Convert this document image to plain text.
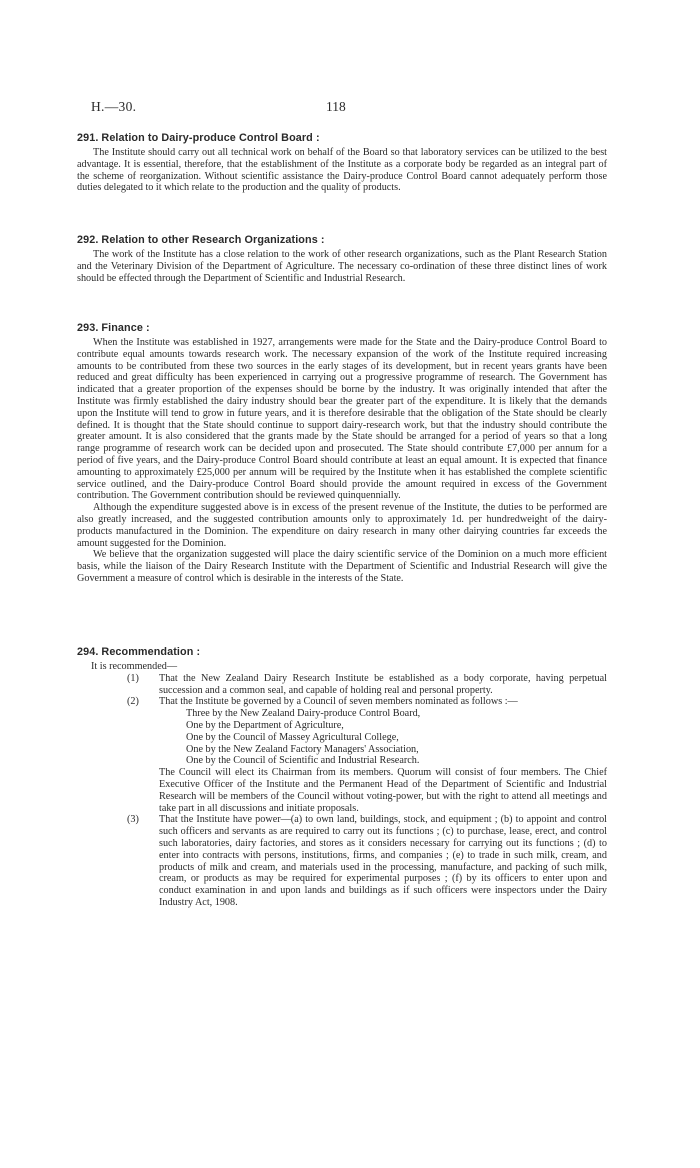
H.—30.	118
291. Relation to Dairy-produce Control Board :

The Institute should carry out all technical work on behalf of the Board so that laboratory services can be utilized to the best advantage. It is essential, therefore, that the establishment of the Institute as a corporate body be regarded as an integral part of the scheme of reorganization. Without scientific assistance the Dairy-produce Control Board cannot adequately perform those duties delegated to it which relate to the production and the quality of products.

292. Relation to other Research Organizations :

The work of the Institute has a close relation to the work of other research organizations, such as the Plant Research Station and the Veterinary Division of the Department of Agriculture. The necessary co-ordination of these three distinct lines of work should be effected through the Department of Scientific and Industrial Research.

293. Finance :

When the Institute was established in 1927, arrangements were made for the State and the Dairy-produce Control Board to contribute equal amounts towards research work. The necessary expansion of the work of the Institute required increasing amounts to be contributed from these two sources in the early stages of its development, but in recent years grants have been reduced and great difficulty has been experienced in carrying out a progressive programme of research. The Government has indicated that a greater proportion of the expenses should be borne by the industry. It was originally intended that after the Institute was firmly established the dairy industry should bear the greater part of the expenditure. It is likely that the demands upon the Institute will tend to grow in future years, and it is therefore desirable that the obligation of the State should be clearly defined. It is thought that the State should continue to support dairy-research work, but that the industry should contribute the greater amount. It is also considered that the grants made by the State should be arranged for a period of years so that a long range programme of research work can be decided upon and prosecuted. The State should contribute £7,000 per annum for a period of five years, and the Dairy-produce Control Board should contribute at least an equal amount. It is expected that finance amounting to approximately £25,000 per annum will be required by the Institute when it has established the complete scientific service outlined, and the Dairy-produce Control Board should provide the amount required in excess of the Government contribution. The Government contribution should be reviewed quinquennially.

Although the expenditure suggested above is in excess of the present revenue of the Institute, the duties to be performed are also greatly increased, and the suggested contribution amounts only to approximately 1d. per hundredweight of the dairy-products manufactured in the Dominion. The expenditure on dairy research in many other dairying countries far exceeds the amount suggested for the Dominion.

We believe that the organization suggested will place the dairy scientific service of the Dominion on a much more efficient basis, while the liaison of the Dairy Research Institute with the Department of Scientific and Industrial Research will give the Government a measure of control which is desirable in the interests of the State.

294. Recommendation :

It is recommended—

(1) That the New Zealand Dairy Research Institute be established as a body corporate, having perpetual succession and a common seal, and capable of holding real and personal property.
(2) That the Institute be governed by a Council of seven members nominated as follows :—
Three by the New Zealand Dairy-produce Control Board,
One by the Department of Agriculture,
One by the Council of Massey Agricultural College,
One by the New Zealand Factory Managers' Association,
One by the Council of Scientific and Industrial Research.

The Council will elect its Chairman from its members. Quorum will consist of four members. The Chief Executive Officer of the Institute and the Permanent Head of the Department of Scientific and Industrial Research will be members of the Council without voting-power, but with the right to attend all meetings and take part in all discussions and initiate proposals.

(3) That the Institute have power—(a) to own land, buildings, stock, and equipment ; (b) to appoint and control such officers and servants as are required to carry out its functions ; (c) to purchase, lease, erect, and control such laboratories, dairy factories, and stores as it considers necessary for carrying out its functions ; (d) to enter into contracts with persons, institutions, firms, and companies ; (e) to trade in such milk, cream, and products of milk and cream, and materials used in the processing, manufacture, and packing of such milk, cream, or products as may be required for experimental purposes ; (f) by its officers to enter upon and conduct examination in and upon lands and buildings as if such officers were inspectors under the Dairy Industry Act, 1908.
